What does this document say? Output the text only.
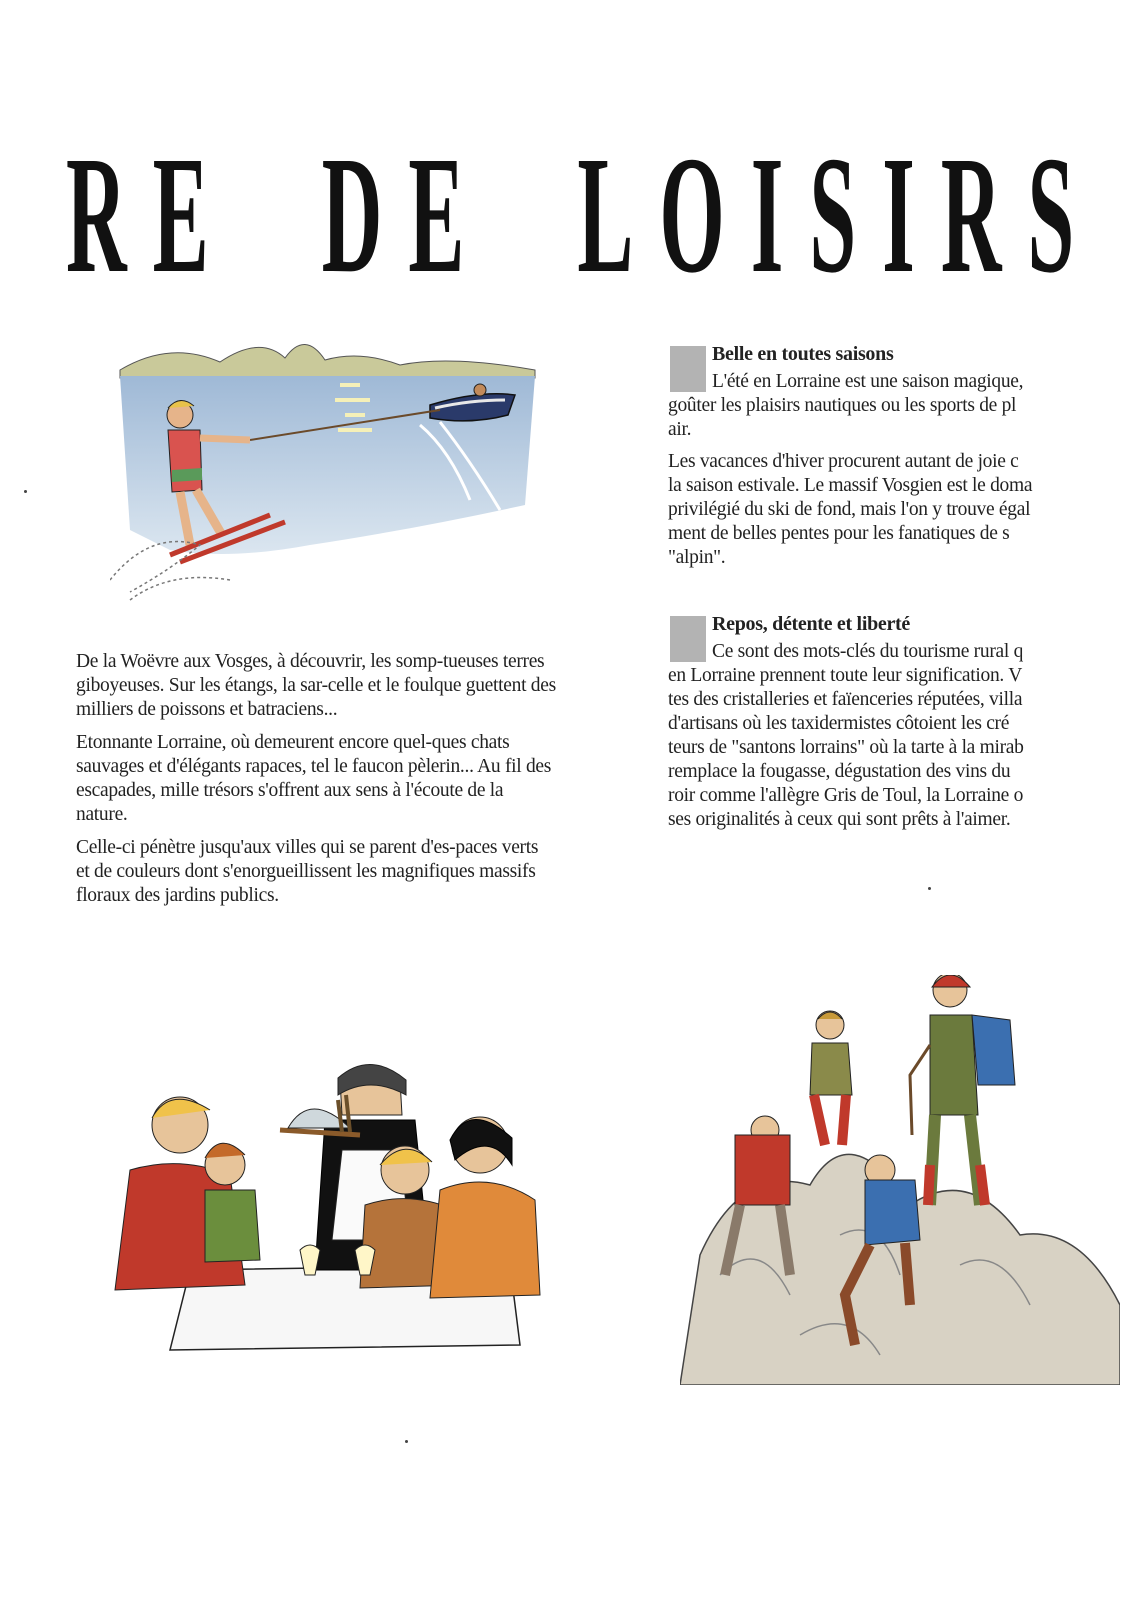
RE DE LOISIRS

De la Woëvre aux Vosges, à découvrir, les somp-tueuses terres giboyeuses. Sur les étangs, la sar-celle et le foulque guettent des milliers de poissons et batraciens...

Etonnante Lorraine, où demeurent encore quel-ques chats sauvages et d'élégants rapaces, tel le faucon pèlerin... Au fil des escapades, mille trésors s'offrent aux sens à l'écoute de la nature.

Celle-ci pénètre jusqu'aux villes qui se parent d'es-paces verts et de couleurs dont s'enorgueillissent les magnifiques massifs floraux des jardins publics.

Belle en toutes saisons

L'été en Lorraine est une saison magique,
goûter les plaisirs nautiques ou les sports de pl
air.

Les vacances d'hiver procurent autant de joie c
la saison estivale. Le massif Vosgien est le doma
privilégié du ski de fond, mais l'on y trouve égal
ment de belles pentes pour les fanatiques de s
"alpin".

Repos, détente et liberté

Ce sont des mots-clés du tourisme rural q
en Lorraine prennent toute leur signification. V
tes des cristalleries et faïenceries réputées, villa
d'artisans où les taxidermistes côtoient les cré
teurs de "santons lorrains" où la tarte à la mirab
remplace la fougasse, dégustation des vins du
roir comme l'allègre Gris de Toul, la Lorraine o
ses originalités à ceux qui sont prêts à l'aimer.
